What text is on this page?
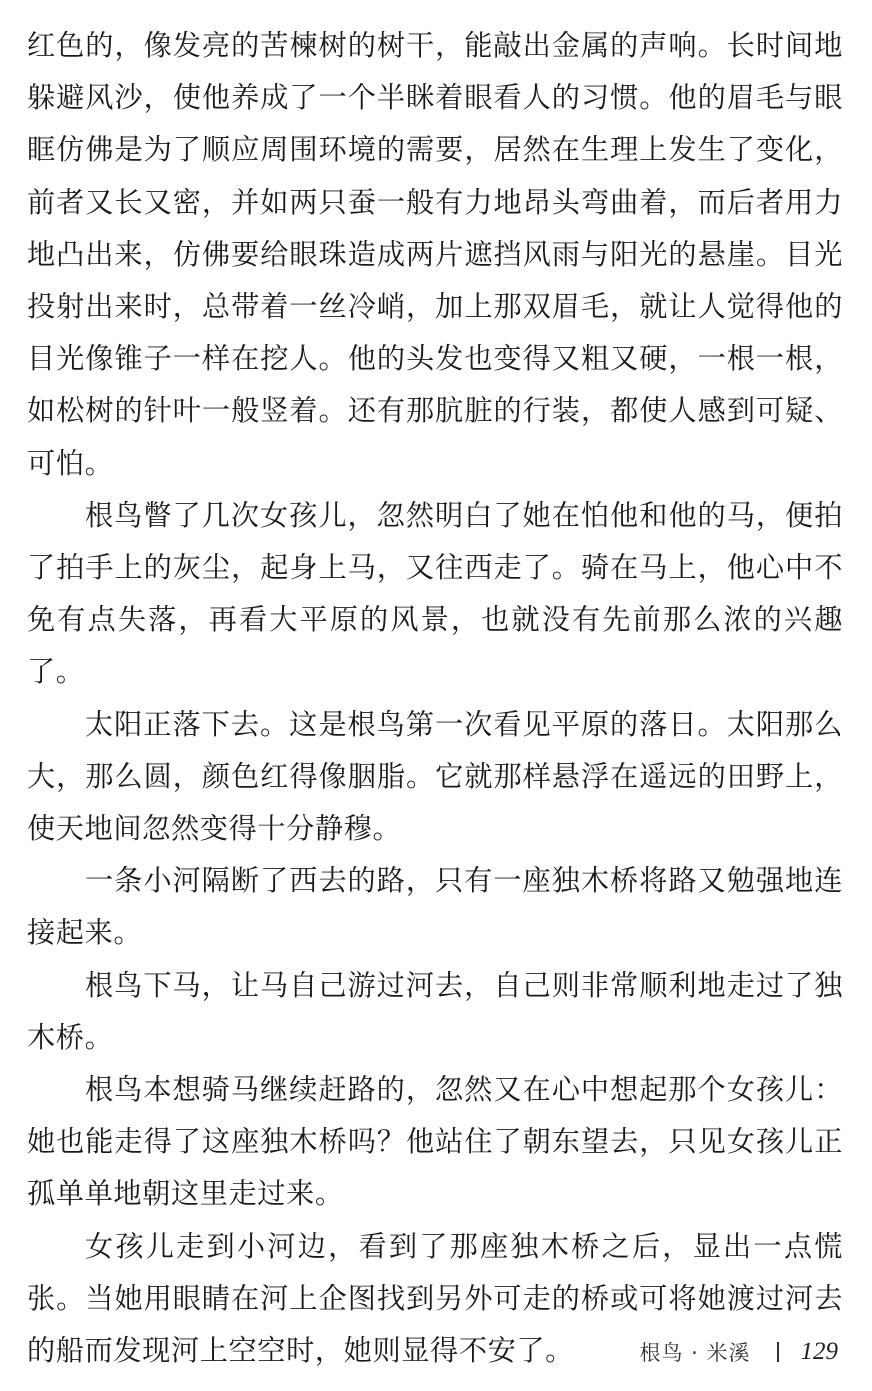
红色的，像发亮的苦楝树的树干，能敲出金属的声响。长时间地躲避风沙，使他养成了一个半眯着眼看人的习惯。他的眉毛与眼眶仿佛是为了顺应周围环境的需要，居然在生理上发生了变化，前者又长又密，并如两只蚕一般有力地昂头弯曲着，而后者用力地凸出来，仿佛要给眼珠造成两片遮挡风雨与阳光的悬崖。目光投射出来时，总带着一丝冷峭，加上那双眉毛，就让人觉得他的目光像锥子一样在挖人。他的头发也变得又粗又硬，一根一根，如松树的针叶一般竖着。还有那肮脏的行装，都使人感到可疑、可怕。

根鸟瞥了几次女孩儿，忽然明白了她在怕他和他的马，便拍了拍手上的灰尘，起身上马，又往西走了。骑在马上，他心中不免有点失落，再看大平原的风景，也就没有先前那么浓的兴趣了。

太阳正落下去。这是根鸟第一次看见平原的落日。太阳那么大，那么圆，颜色红得像胭脂。它就那样悬浮在遥远的田野上，使天地间忽然变得十分静穆。

一条小河隔断了西去的路，只有一座独木桥将路又勉强地连接起来。

根鸟下马，让马自己游过河去，自己则非常顺利地走过了独木桥。

根鸟本想骑马继续赶路的，忽然又在心中想起那个女孩儿：她也能走得了这座独木桥吗？他站住了朝东望去，只见女孩儿正孤单单地朝这里走过来。

女孩儿走到小河边，看到了那座独木桥之后，显出一点慌张。当她用眼睛在河上企图找到另外可走的桥或可将她渡过河去的船而发现河上空空时，她则显得不安了。	根鸟 · 米溪 129
